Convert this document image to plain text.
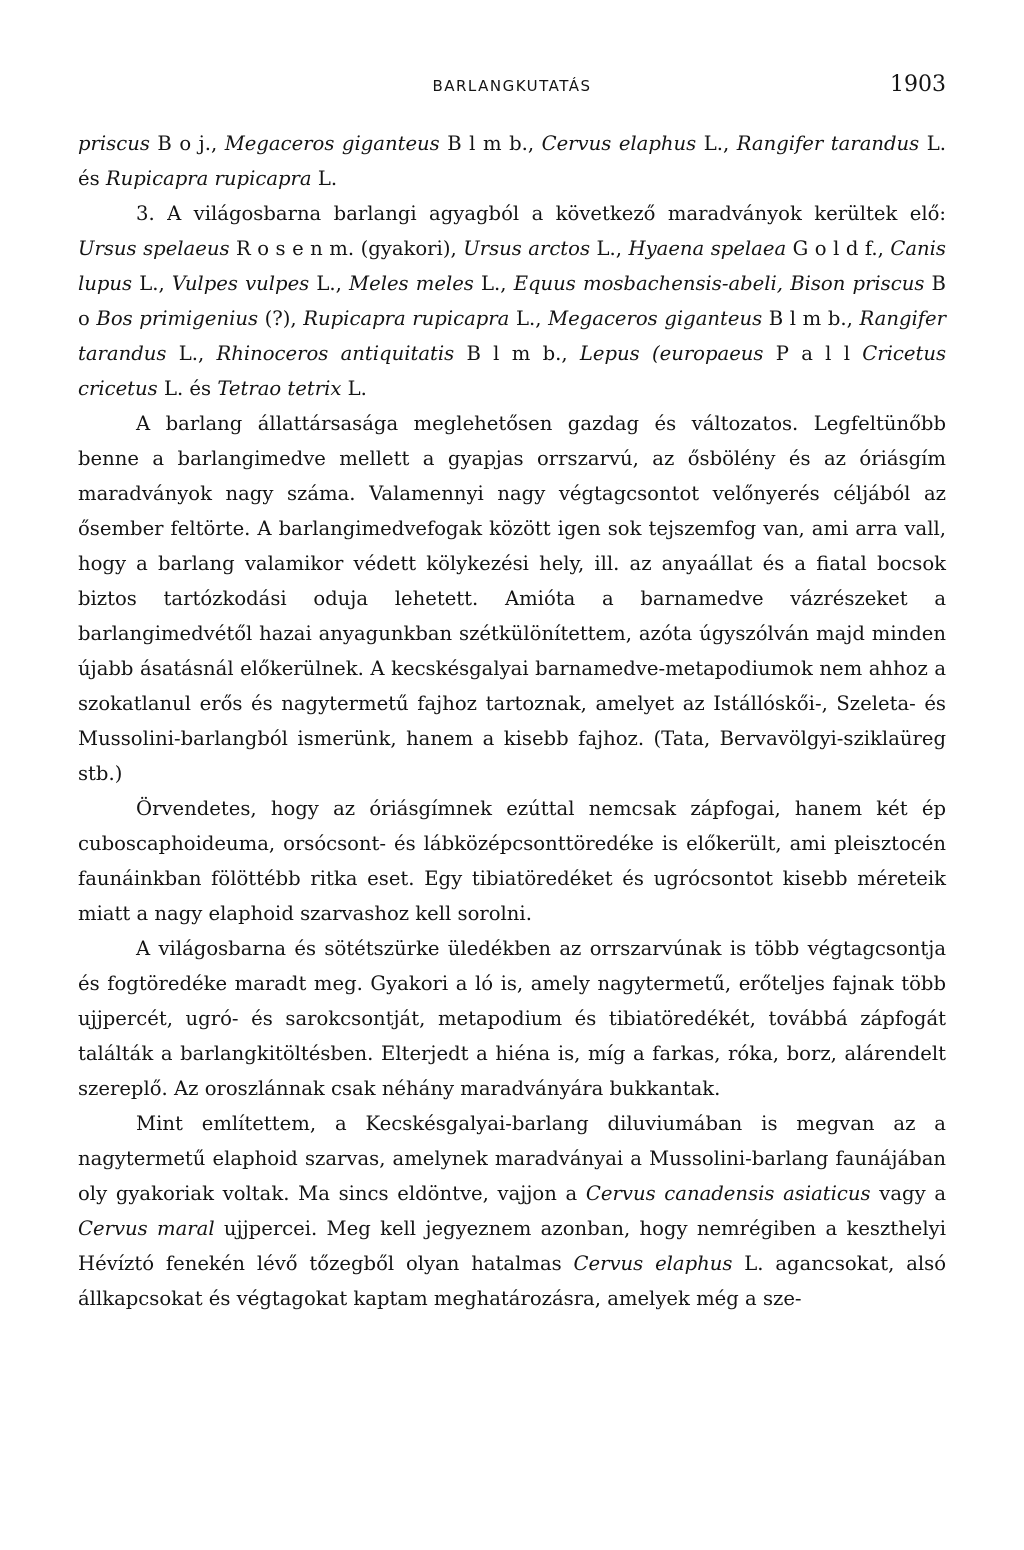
BARLANGKUTATÁS	1903

priscus B o j., Megaceros giganteus B l m b., Cervus elaphus L., Rangifer tarandus L. és Rupicapra rupicapra L.

3. A világosbarna barlangi agyagból a következő maradványok kerültek elő: Ursus spelaeus R o s e n m. (gyakori), Ursus arctos L., Hyaena spelaea G o l d f., Canis lupus L., Vulpes vulpes L., Meles meles L., Equus mosbachensis-abeli, Bison priscus B o Bos primigenius (?), Rupicapra rupicapra L., Megaceros giganteus B l m b., Rangifer tarandus L., Rhinoceros antiquitatis B l m b., Lepus (europaeus P a l l Cricetus cricetus L. és Tetrao tetrix L.

A barlang állattársasága meglehetősen gazdag és változatos. Legfeltünőbb benne a barlangimedve mellett a gyapjas orrszarvú, az ősbölény és az óriásgím maradványok nagy száma. Valamennyi nagy végtagcsontot velőnyerés céljából az ősember feltörte. A barlangimedvefogak között igen sok tejszemfog van, ami arra vall, hogy a barlang valamikor védett kölykezési hely, ill. az anyaállat és a fiatal bocsok biztos tartózkodási oduja lehetett. Amióta a barnamedve vázrészeket a barlangimedvétől hazai anyagunkban szétkülönítettem, azóta úgyszólván majd minden újabb ásatásnál előkerülnek. A kecskésgalyai barnamedve-metapodiumok nem ahhoz a szokatlanul erős és nagytermetű fajhoz tartoznak, amelyet az Istállóskői-, Szeleta- és Mussolini-barlangból ismerünk, hanem a kisebb fajhoz. (Tata, Bervavölgyi-sziklaüreg stb.)

Örvendetes, hogy az óriásgímnek ezúttal nemcsak zápfogai, hanem két ép cuboscaphoideuma, orsócsont- és lábközépcsonttöredéke is előkerült, ami pleisztocén faunáinkban fölöttébb ritka eset. Egy tibiatöredéket és ugrócsontot kisebb méreteik miatt a nagy elaphoid szarvashoz kell sorolni.

A világosbarna és sötétszürke üledékben az orrszarvúnak is több végtagcsontja és fogtöredéke maradt meg. Gyakori a ló is, amely nagytermetű, erőteljes fajnak több ujjpercét, ugró- és sarokcsontját, metapodium és tibiatöredékét, továbbá zápfogát találták a barlangkitöltésben. Elterjedt a hiéna is, míg a farkas, róka, borz, alárendelt szereplő. Az oroszlánnak csak néhány maradványára bukkantak.

Mint említettem, a Kecskésgalyai-barlang diluviumában is megvan az a nagytermetű elaphoid szarvas, amelynek maradványai a Mussolini-barlang faunájában oly gyakoriak voltak. Ma sincs eldöntve, vajjon a Cervus canadensis asiaticus vagy a Cervus maral ujjpercei. Meg kell jegyeznem azonban, hogy nemrégiben a keszthelyi Hévíztó fenekén lévő tőzegből olyan hatalmas Cervus elaphus L. agancsokat, alsó állkapcsokat és végtagokat kaptam meghatározásra, amelyek még a sze-
